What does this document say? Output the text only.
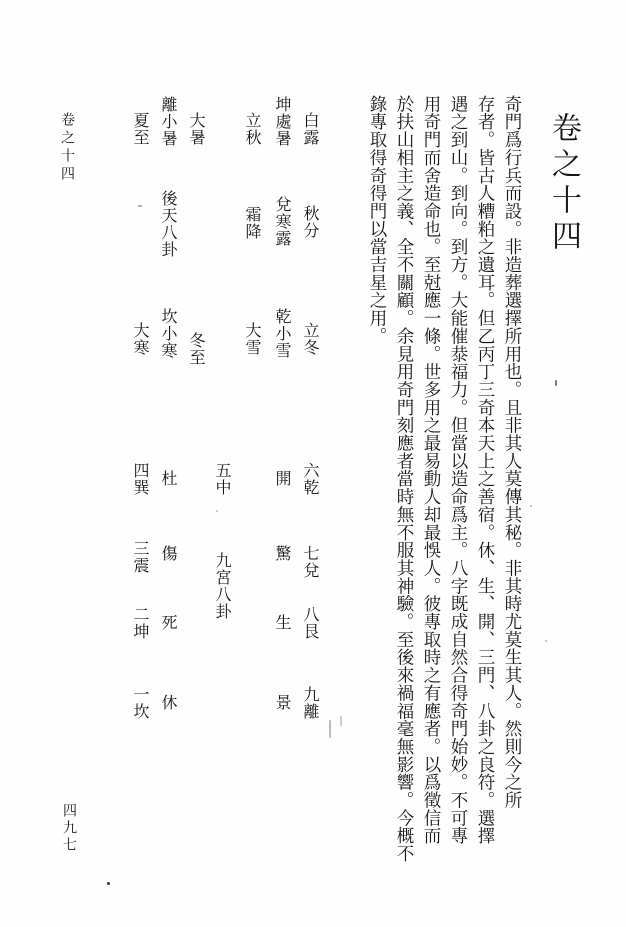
卷之十四
奇門爲行兵而設。非造葬選擇所用也。且非其人莫傳其秘。非其時尤莫生其人。然則今之所
存者。皆古人糟粕之遺耳。但乙丙丁三奇本天上之善宿。休、生、開、三門、八卦之良符。選擇
遇之到山。到向。到方。大能催㳟福力。但當以造命爲主。八字既成自然合得奇門始妙。不可專
用奇門而舍造命也。至尅應一條。世多用之最易動人却最悞人。彼專取時之有應者。以爲徵信而
於扶山相主之義、全不關顧。余見用奇門刻應者當時無不服其神驗。至後來禍福毫無影響。今概不
錄專取得奇得門以當吉星之用。
白露
秋分
立冬
坤處暑
兌寒露
乾小雪
立秋
霜降
大雪
冬至
大暑
離小暑
後天八卦
坎小寒
夏至
大寒
六乾
七兌
八艮
九離
開
驚
生
景
五中
九宮八卦
杜
傷
死
休
四巽
三震
二坤
一坎
卷之十四
四九七
